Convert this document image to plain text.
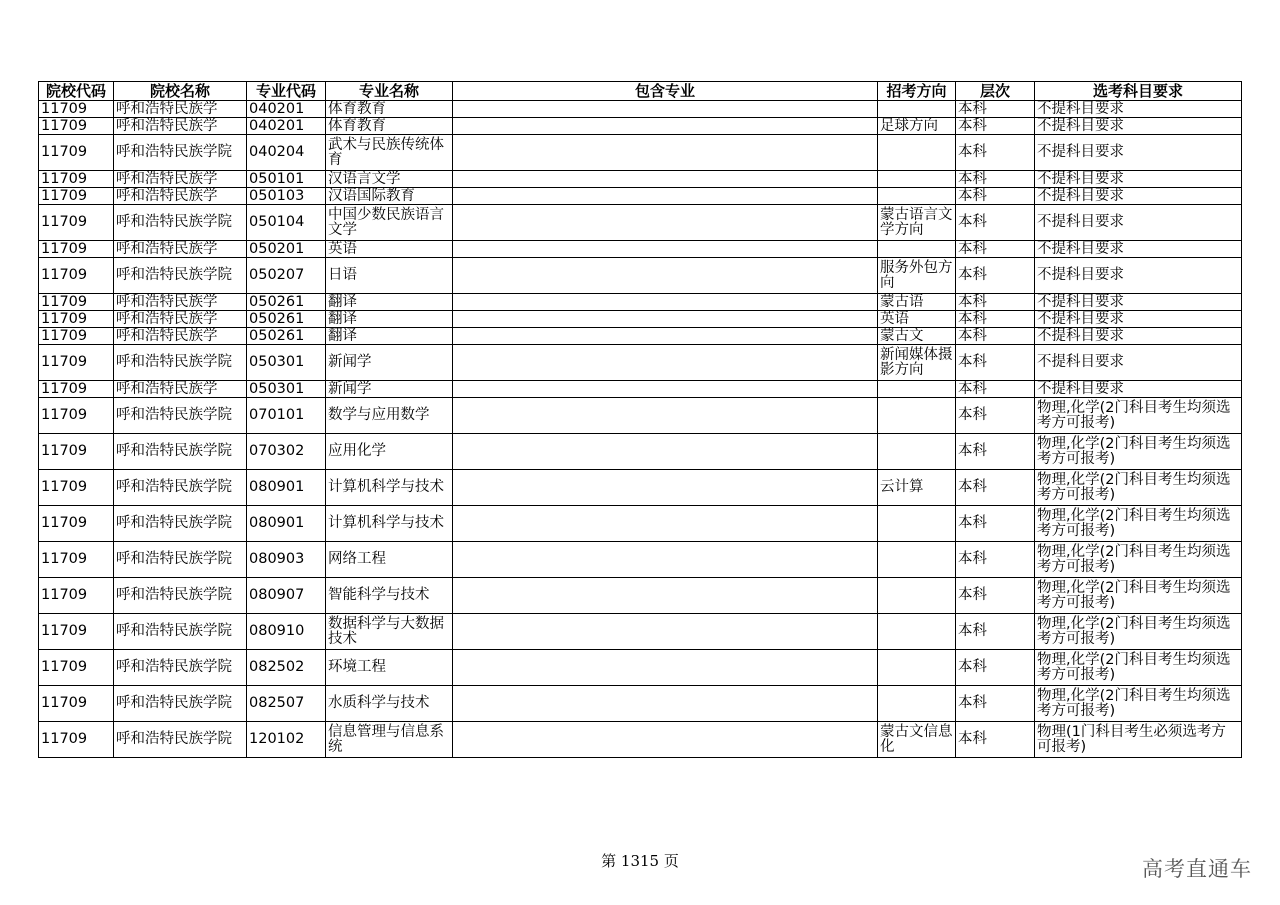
院校代码	院校名称	专业代码	专业名称	包含专业	招考方向	层次	选考科目要求
11709	呼和浩特民族学	040201	体育教育			本科	不提科目要求
11709	呼和浩特民族学	040201	体育教育		足球方向	本科	不提科目要求
11709	呼和浩特民族学院	040204	武术与民族传统体育			本科	不提科目要求
11709	呼和浩特民族学	050101	汉语言文学			本科	不提科目要求
11709	呼和浩特民族学	050103	汉语国际教育			本科	不提科目要求
11709	呼和浩特民族学院	050104	中国少数民族语言文学		蒙古语言文学方向	本科	不提科目要求
11709	呼和浩特民族学	050201	英语			本科	不提科目要求
11709	呼和浩特民族学院	050207	日语		服务外包方向	本科	不提科目要求
11709	呼和浩特民族学	050261	翻译		蒙古语	本科	不提科目要求
11709	呼和浩特民族学	050261	翻译		英语	本科	不提科目要求
11709	呼和浩特民族学	050261	翻译		蒙古文	本科	不提科目要求
11709	呼和浩特民族学院	050301	新闻学		新闻媒体摄影方向	本科	不提科目要求
11709	呼和浩特民族学	050301	新闻学			本科	不提科目要求
11709	呼和浩特民族学院	070101	数学与应用数学			本科	物理,化学(2门科目考生均须选考方可报考)
11709	呼和浩特民族学院	070302	应用化学			本科	物理,化学(2门科目考生均须选考方可报考)
11709	呼和浩特民族学院	080901	计算机科学与技术		云计算	本科	物理,化学(2门科目考生均须选考方可报考)
11709	呼和浩特民族学院	080901	计算机科学与技术			本科	物理,化学(2门科目考生均须选考方可报考)
11709	呼和浩特民族学院	080903	网络工程			本科	物理,化学(2门科目考生均须选考方可报考)
11709	呼和浩特民族学院	080907	智能科学与技术			本科	物理,化学(2门科目考生均须选考方可报考)
11709	呼和浩特民族学院	080910	数据科学与大数据技术			本科	物理,化学(2门科目考生均须选考方可报考)
11709	呼和浩特民族学院	082502	环境工程			本科	物理,化学(2门科目考生均须选考方可报考)
11709	呼和浩特民族学院	082507	水质科学与技术			本科	物理,化学(2门科目考生均须选考方可报考)
11709	呼和浩特民族学院	120102	信息管理与信息系统		蒙古文信息化	本科	物理(1门科目考生必须选考方可报考)
第 1315 页	高考直通车
